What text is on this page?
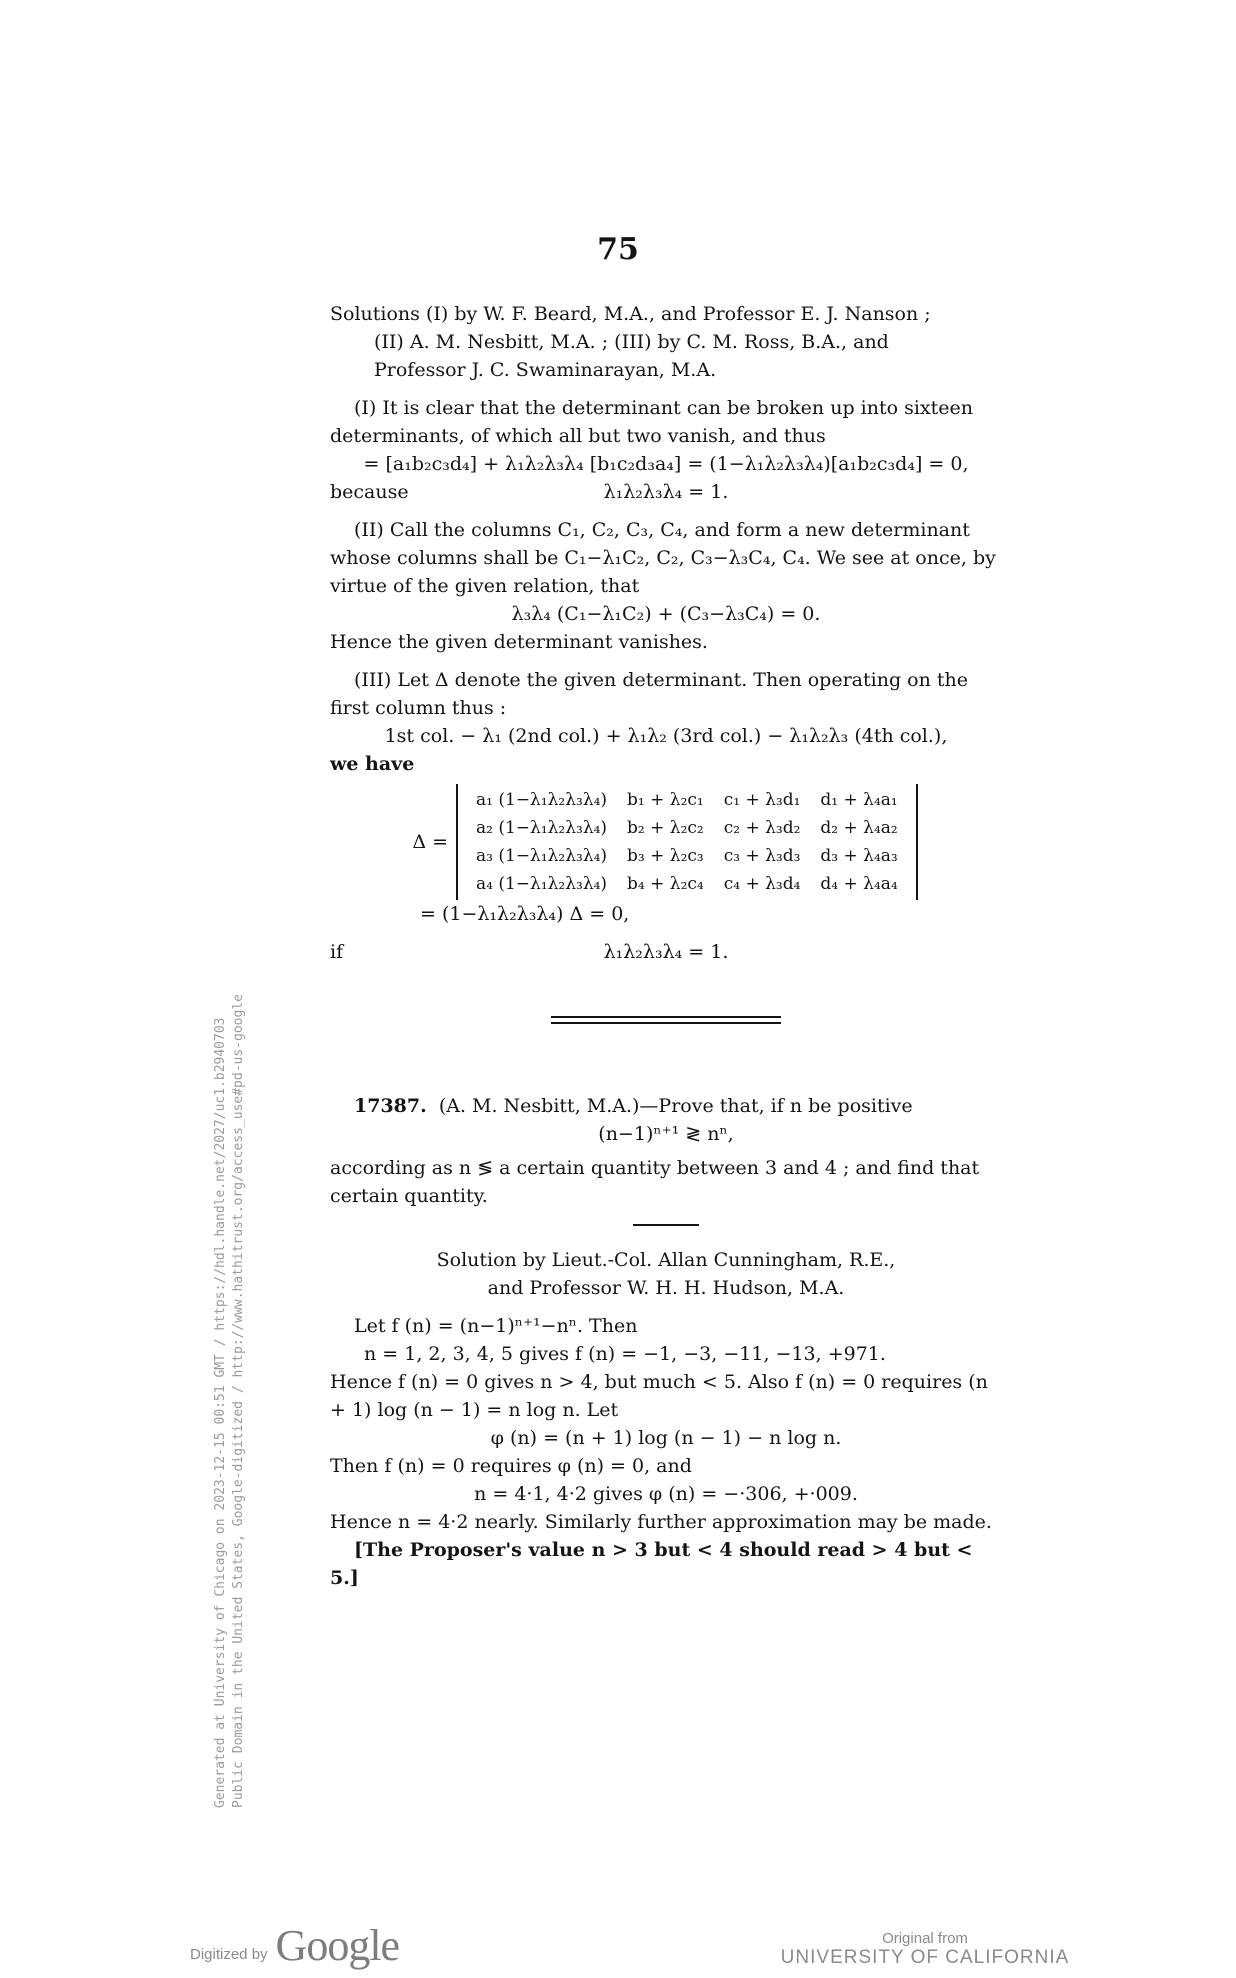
75

Solutions (I) by W. F. Beard, M.A., and Professor E. J. Nanson ;

(II) A. M. Nesbitt, M.A. ; (III) by C. M. Ross, B.A., and

Professor J. C. Swaminarayan, M.A.

(I) It is clear that the determinant can be broken up into sixteen determinants, of which all but two vanish, and thus

= [a₁b₂c₃d₄] + λ₁λ₂λ₃λ₄ [b₁c₂d₃a₄] = (1−λ₁λ₂λ₃λ₄)[a₁b₂c₃d₄] = 0,

because	λ₁λ₂λ₃λ₄ = 1.

(II) Call the columns C₁, C₂, C₃, C₄, and form a new determinant whose columns shall be C₁−λ₁C₂, C₂, C₃−λ₃C₄, C₄. We see at once, by virtue of the given relation, that

λ₃λ₄ (C₁−λ₁C₂) + (C₃−λ₃C₄) = 0.

Hence the given determinant vanishes.

(III) Let Δ denote the given determinant. Then operating on the first column thus :

1st col. − λ₁ (2nd col.) + λ₁λ₂ (3rd col.) − λ₁λ₂λ₃ (4th col.),

we have

Δ =
a₁ (1−λ₁λ₂λ₃λ₄)	b₁ + λ₂c₁	c₁ + λ₃d₁	d₁ + λ₄a₁
a₂ (1−λ₁λ₂λ₃λ₄)	b₂ + λ₂c₂	c₂ + λ₃d₂	d₂ + λ₄a₂
a₃ (1−λ₁λ₂λ₃λ₄)	b₃ + λ₂c₃	c₃ + λ₃d₃	d₃ + λ₄a₃
a₄ (1−λ₁λ₂λ₃λ₄)	b₄ + λ₂c₄	c₄ + λ₃d₄	d₄ + λ₄a₄

= (1−λ₁λ₂λ₃λ₄) Δ = 0,

if	λ₁λ₂λ₃λ₄ = 1.

17387. (A. M. Nesbitt, M.A.)—Prove that, if n be positive

(n−1)ⁿ⁺¹ ≷ nⁿ,

according as n ≶ a certain quantity between 3 and 4 ; and find that certain quantity.

Solution by Lieut.-Col. Allan Cunningham, R.E.,

and Professor W. H. H. Hudson, M.A.

Let f (n) = (n−1)ⁿ⁺¹−nⁿ. Then

n = 1, 2, 3, 4, 5 gives f (n) = −1, −3, −11, −13, +971.

Hence f (n) = 0 gives n > 4, but much < 5. Also f (n) = 0 requires (n + 1) log (n − 1) = n log n. Let

φ (n) = (n + 1) log (n − 1) − n log n.

Then f (n) = 0 requires φ (n) = 0, and

n = 4·1, 4·2 gives φ (n) = −·306, +·009.

Hence n = 4·2 nearly. Similarly further approximation may be made.

[The Proposer's value n > 3 but < 4 should read > 4 but < 5.]

Generated at University of Chicago on 2023-12-15 00:51 GMT / https://hdl.handle.net/2027/uc1.b2940703 Public Domain in the United States, Google-digitized / http://www.hathitrust.org/access_use#pd-us-google
Digitized by Google	Original from
UNIVERSITY OF CALIFORNIA
